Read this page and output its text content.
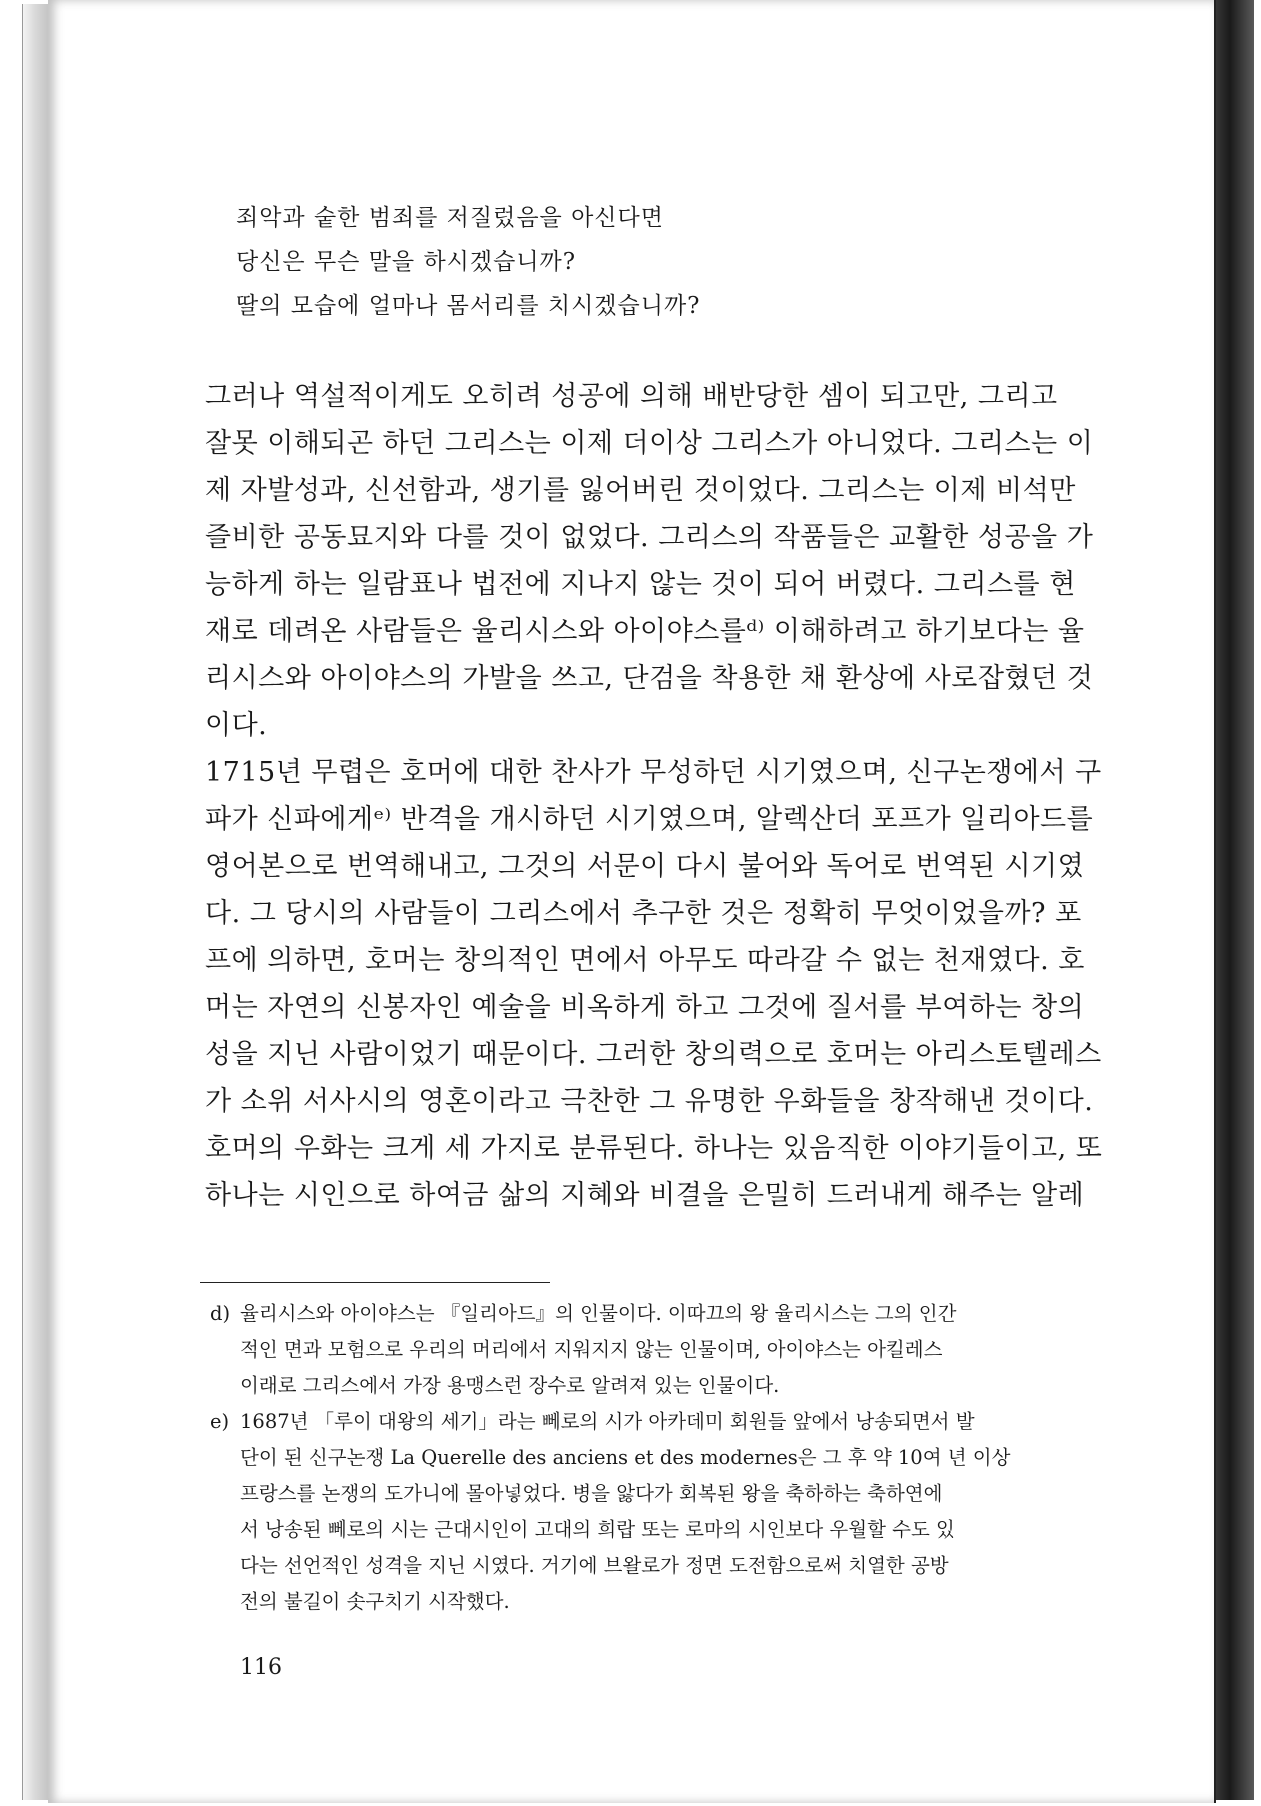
죄악과 숱한 범죄를 저질렀음을 아신다면
당신은 무슨 말을 하시겠습니까?
딸의 모습에 얼마나 몸서리를 치시겠습니까?
그러나 역설적이게도 오히려 성공에 의해 배반당한 셈이 되고만, 그리고
잘못 이해되곤 하던 그리스는 이제 더이상 그리스가 아니었다. 그리스는 이
제 자발성과, 신선함과, 생기를 잃어버린 것이었다. 그리스는 이제 비석만
즐비한 공동묘지와 다를 것이 없었다. 그리스의 작품들은 교활한 성공을 가
능하게 하는 일람표나 법전에 지나지 않는 것이 되어 버렸다. 그리스를 현
재로 데려온 사람들은 율리시스와 아이야스를ᵈ⁾ 이해하려고 하기보다는 율
리시스와 아이야스의 가발을 쓰고, 단검을 착용한 채 환상에 사로잡혔던 것
이다.
1715년 무렵은 호머에 대한 찬사가 무성하던 시기였으며, 신구논쟁에서 구
파가 신파에게ᵉ⁾ 반격을 개시하던 시기였으며, 알렉산더 포프가 일리아드를
영어본으로 번역해내고, 그것의 서문이 다시 불어와 독어로 번역된 시기였
다. 그 당시의 사람들이 그리스에서 추구한 것은 정확히 무엇이었을까? 포
프에 의하면, 호머는 창의적인 면에서 아무도 따라갈 수 없는 천재였다. 호
머는 자연의 신봉자인 예술을 비옥하게 하고 그것에 질서를 부여하는 창의
성을 지닌 사람이었기 때문이다. 그러한 창의력으로 호머는 아리스토텔레스
가 소위 서사시의 영혼이라고 극찬한 그 유명한 우화들을 창작해낸 것이다.
호머의 우화는 크게 세 가지로 분류된다. 하나는 있음직한 이야기들이고, 또
하나는 시인으로 하여금 삶의 지혜와 비결을 은밀히 드러내게 해주는 알레
d) 율리시스와 아이야스는 『일리아드』의 인물이다. 이따끄의 왕 율리시스는 그의 인간
적인 면과 모험으로 우리의 머리에서 지워지지 않는 인물이며, 아이야스는 아킬레스
이래로 그리스에서 가장 용맹스런 장수로 알려져 있는 인물이다.
e) 1687년 「루이 대왕의 세기」라는 뻬로의 시가 아카데미 회원들 앞에서 낭송되면서 발
단이 된 신구논쟁 La Querelle des anciens et des modernes은 그 후 약 10여 년 이상
프랑스를 논쟁의 도가니에 몰아넣었다. 병을 앓다가 회복된 왕을 축하하는 축하연에
서 낭송된 뻬로의 시는 근대시인이 고대의 희랍 또는 로마의 시인보다 우월할 수도 있
다는 선언적인 성격을 지닌 시였다. 거기에 브왈로가 정면 도전함으로써 치열한 공방
전의 불길이 솟구치기 시작했다.
116
